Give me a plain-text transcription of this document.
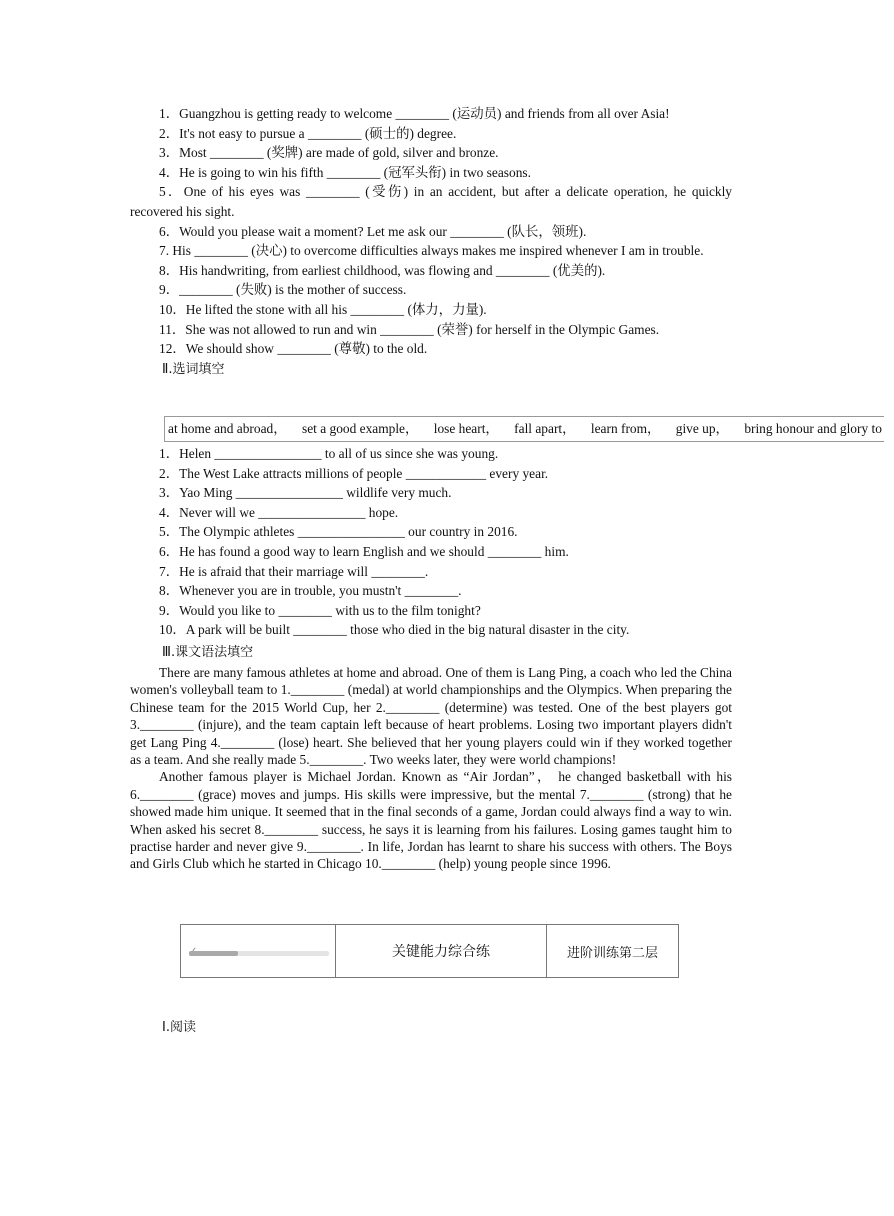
1．Guangzhou is getting ready to welcome ________ (运动员) and friends from all over Asia!
2．It's not easy to pursue a ________ (硕士的) degree.
3．Most ________ (奖牌) are made of gold, silver and bronze.
4．He is going to win his fifth ________ (冠军头衔) in two seasons.
5．One of his eyes was ________ (受伤) in an accident, but after a delicate operation, he quickly recovered his sight.
6．Would you please wait a moment? Let me ask our ________ (队长，领班).
7. His ________ (决心) to overcome difficulties always makes me inspired whenever I am in trouble.
8．His handwriting, from earliest childhood, was flowing and ________ (优美的).
9．________ (失败) is the mother of success.
10．He lifted the stone with all his ________ (体力，力量).
11．She was not allowed to run and win ________ (荣誉) for herself in the Olympic Games.
12．We should show ________ (尊敬) to the old.
Ⅱ.选词填空
at home and abroad， set a good example， lose heart， fall apart， learn from， give up， bring honour and glory to
1．Helen ________________ to all of us since she was young.
2．The West Lake attracts millions of people ____________ every year.
3．Yao Ming ________________ wildlife very much.
4．Never will we ________________ hope.
5．The Olympic athletes ________________ our country in 2016.
6．He has found a good way to learn English and we should ________ him.
7．He is afraid that their marriage will ________.
8．Whenever you are in trouble, you mustn't ________.
9．Would you like to ________ with us to the film tonight?
10．A park will be built ________ those who died in the big natural disaster in the city.
Ⅲ.课文语法填空
There are many famous athletes at home and abroad. One of them is Lang Ping, a coach who led the China women's volleyball team to 1.________ (medal) at world championships and the Olympics. When preparing the Chinese team for the 2015 World Cup, her 2.________ (determine) was tested. One of the best players got 3.________ (injure), and the team captain left because of heart problems. Losing two important players didn't get Lang Ping 4.________ (lose) heart. She believed that her young players could win if they worked together as a team. And she really made 5.________. Two weeks later, they were world champions!
Another famous player is Michael Jordan. Known as “Air Jordan”， he changed basketball with his 6.________ (grace) moves and jumps. His skills were impressive, but the mental 7.________ (strong) that he showed made him unique. It seemed that in the final seconds of a game, Jordan could always find a way to win. When asked his secret 8.________ success, he says it is learning from his failures. Losing games taught him to practise harder and never give 9.________. In life, Jordan has learnt to share his success with others. The Boys and Girls Club which he started in Chicago 10.________ (help) young people since 1996.
关键能力综合练	进阶训练第二层
Ⅰ.阅读
